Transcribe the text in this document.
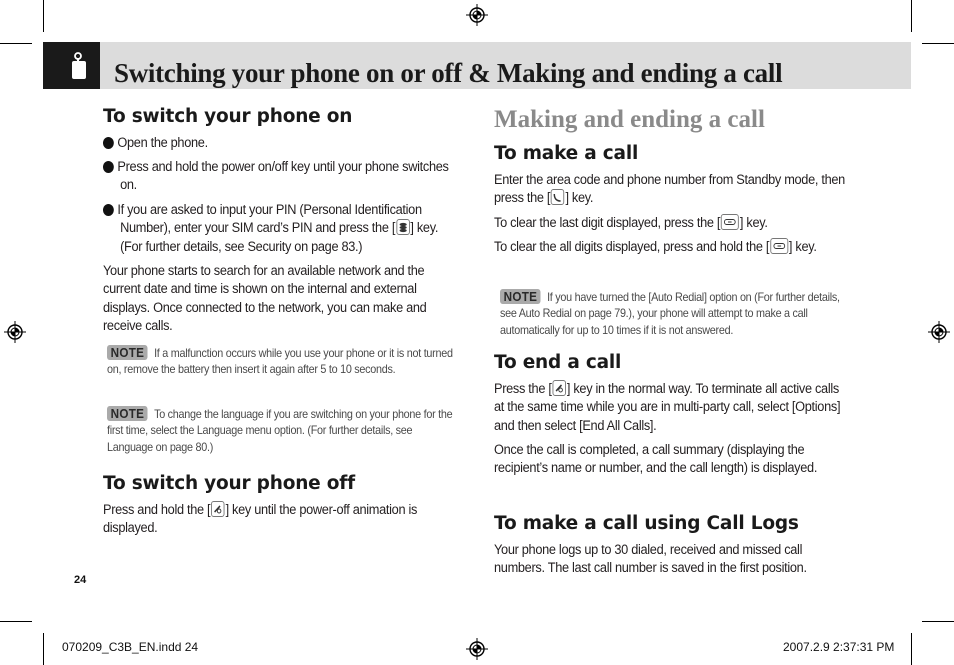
Switching your phone on or off & Making and ending a call
To switch your phone on
1 Open the phone.
2 Press and hold the power on/off key until your phone switches on.
3 If you are asked to input your PIN (Personal Identification Number), enter your SIM card’s PIN and press the [ ] key. (For further details, see Security on page 83.)
Your phone starts to search for an available network and the current date and time is shown on the internal and external displays. Once connected to the network, you can make and receive calls.
NOTE If a malfunction occurs while you use your phone or it is not turned on, remove the battery then insert it again after 5 to 10 seconds.
NOTE To change the language if you are switching on your phone for the first time, select the Language menu option. (For further details, see Language on page 80.)
To switch your phone off
Press and hold the [ ] key until the power-off animation is displayed.
24
Making and ending a call
To make a call
Enter the area code and phone number from Standby mode, then press the [ ] key.
To clear the last digit displayed, press the [ ] key.
To clear the all digits displayed, press and hold the [ ] key.
NOTE If you have turned the [Auto Redial] option on (For further details, see Auto Redial on page 79.), your phone will attempt to make a call automatically for up to 10 times if it is not answered.
To end a call
Press the [ ] key in the normal way. To terminate all active calls at the same time while you are in multi-party call, select [Options] and then select [End All Calls].
Once the call is completed, a call summary (displaying the recipient’s name or number, and the call length) is displayed.
To make a call using Call Logs
Your phone logs up to 30 dialed, received and missed call numbers. The last call number is saved in the first position.
070209_C3B_EN.indd 24	2007.2.9 2:37:31 PM
